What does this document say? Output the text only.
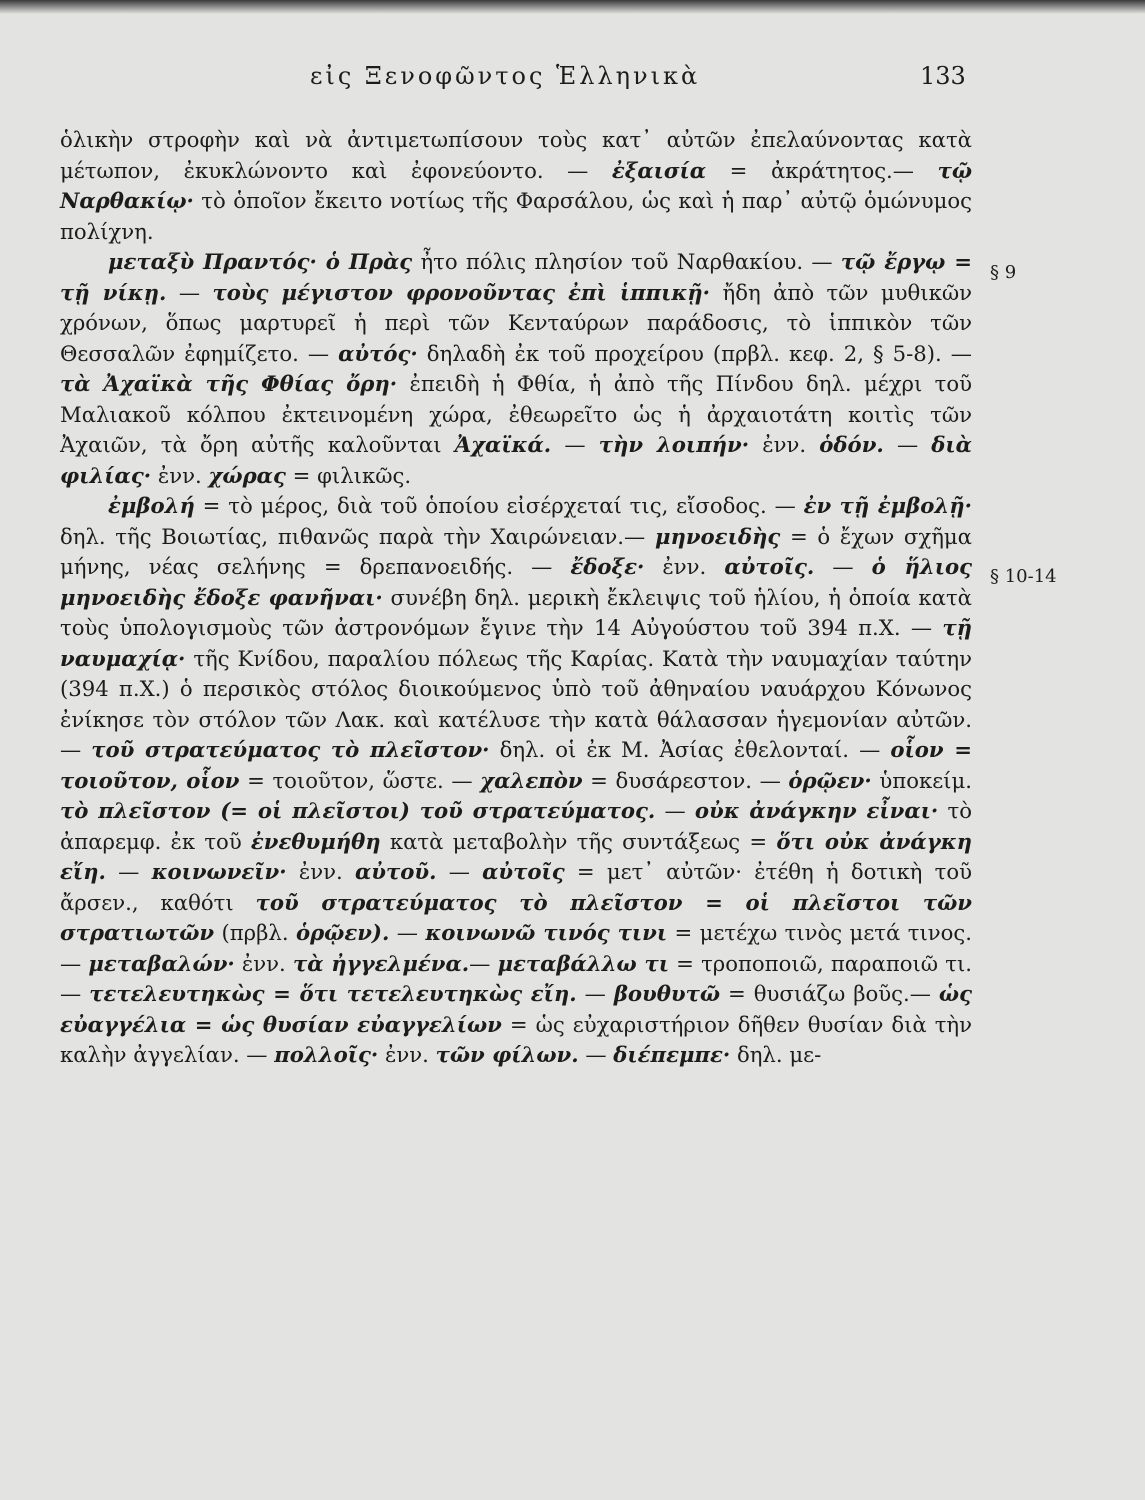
εἰς Ξενοφῶντος Ἑλληνικὰ	133
§ 9
§ 10-14

ὁλικὴν στροφὴν καὶ νὰ ἀντιμετωπίσουν τοὺς κατ᾽ αὐτῶν ἐπελαύνοντας κατὰ μέτωπον, ἐκυκλώνοντο καὶ ἐφονεύοντο. — ἐξαισία = ἀκράτητος.— τῷ Ναρθακίῳ· τὸ ὁποῖον ἔκειτο νοτίως τῆς Φαρσάλου, ὡς καὶ ἡ παρ᾽ αὐτῷ ὁμώνυμος πολίχνη.

μεταξὺ Πραντός· ὁ Πρὰς ἦτο πόλις πλησίον τοῦ Ναρθακίου. — τῷ ἔργῳ = τῇ νίκῃ. — τοὺς μέγιστον φρονοῦντας ἐπὶ ἱππικῇ· ἤδη ἀπὸ τῶν μυθικῶν χρόνων, ὅπως μαρτυρεῖ ἡ περὶ τῶν Κενταύρων παράδοσις, τὸ ἱππικὸν τῶν Θεσσαλῶν ἐφημίζετο. — αὐτός· δηλαδὴ ἐκ τοῦ προχείρου (πρβλ. κεφ. 2, § 5-8). — τὰ Ἀχαϊκὰ τῆς Φθίας ὄρη· ἐπειδὴ ἡ Φθία, ἡ ἀπὸ τῆς Πίνδου δηλ. μέχρι τοῦ Μαλιακοῦ κόλπου ἐκτεινομένη χώρα, ἐθεωρεῖτο ὡς ἡ ἀρχαιοτάτη κοιτὶς τῶν Ἀχαιῶν, τὰ ὄρη αὐτῆς καλοῦνται Ἀχαϊκά. — τὴν λοιπήν· ἐνν. ὁδόν. — διὰ φιλίας· ἐνν. χώρας = φιλικῶς.

ἐμβολή = τὸ μέρος, διὰ τοῦ ὁποίου εἰσέρχεταί τις, εἴσοδος. — ἐν τῇ ἐμβολῇ· δηλ. τῆς Βοιωτίας, πιθανῶς παρὰ τὴν Χαιρώνειαν.— μηνοειδὴς = ὁ ἔχων σχῆμα μήνης, νέας σελήνης = δρεπανοειδής. — ἔδοξε· ἐνν. αὐτοῖς. — ὁ ἥλιος μηνοειδὴς ἔδοξε φανῆναι· συνέβη δηλ. μερικὴ ἔκλειψις τοῦ ἡλίου, ἡ ὁποία κατὰ τοὺς ὑπολογισμοὺς τῶν ἀστρονόμων ἔγινε τὴν 14 Αὐγούστου τοῦ 394 π.Χ. — τῇ ναυμαχίᾳ· τῆς Κνίδου, παραλίου πόλεως τῆς Καρίας. Κατὰ τὴν ναυμαχίαν ταύτην (394 π.Χ.) ὁ περσικὸς στόλος διοικούμενος ὑπὸ τοῦ ἀθηναίου ναυάρχου Κόνωνος ἐνίκησε τὸν στόλον τῶν Λακ. καὶ κατέλυσε τὴν κατὰ θάλασσαν ἡγεμονίαν αὐτῶν. — τοῦ στρατεύματος τὸ πλεῖστον· δηλ. οἱ ἐκ Μ. Ἀσίας ἐθελονταί. — οἷον = τοιοῦτον, οἷον = τοιοῦτον, ὥστε. — χαλεπὸν = δυσάρεστον. — ὁρῷεν· ὑποκείμ. τὸ πλεῖστον (= οἱ πλεῖστοι) τοῦ στρατεύματος. — οὐκ ἀνάγκην εἶναι· τὸ ἀπαρεμφ. ἐκ τοῦ ἐνεθυμήθη κατὰ μεταβολὴν τῆς συντάξεως = ὅτι οὐκ ἀνάγκη εἴη. — κοινωνεῖν· ἐνν. αὐτοῦ. — αὐτοῖς = μετ᾽ αὐτῶν· ἐτέθη ἡ δοτικὴ τοῦ ἄρσεν., καθότι τοῦ στρατεύματος τὸ πλεῖστον = οἱ πλεῖστοι τῶν στρατιωτῶν (πρβλ. ὁρῷεν). — κοινωνῶ τινός τινι = μετέχω τινὸς μετά τινος. — μεταβαλών· ἐνν. τὰ ἠγγελμένα.— μεταβάλλω τι = τροποποιῶ, παραποιῶ τι. — τετελευτηκὼς = ὅτι τετελευτηκὼς εἴη. — βουθυτῶ = θυσιάζω βοῦς.— ὡς εὐαγγέλια = ὡς θυσίαν εὐαγγελίων = ὡς εὐχαριστήριον δῆθεν θυσίαν διὰ τὴν καλὴν ἀγγελίαν. — πολλοῖς· ἐνν. τῶν φίλων. — διέπεμπε· δηλ. με-
